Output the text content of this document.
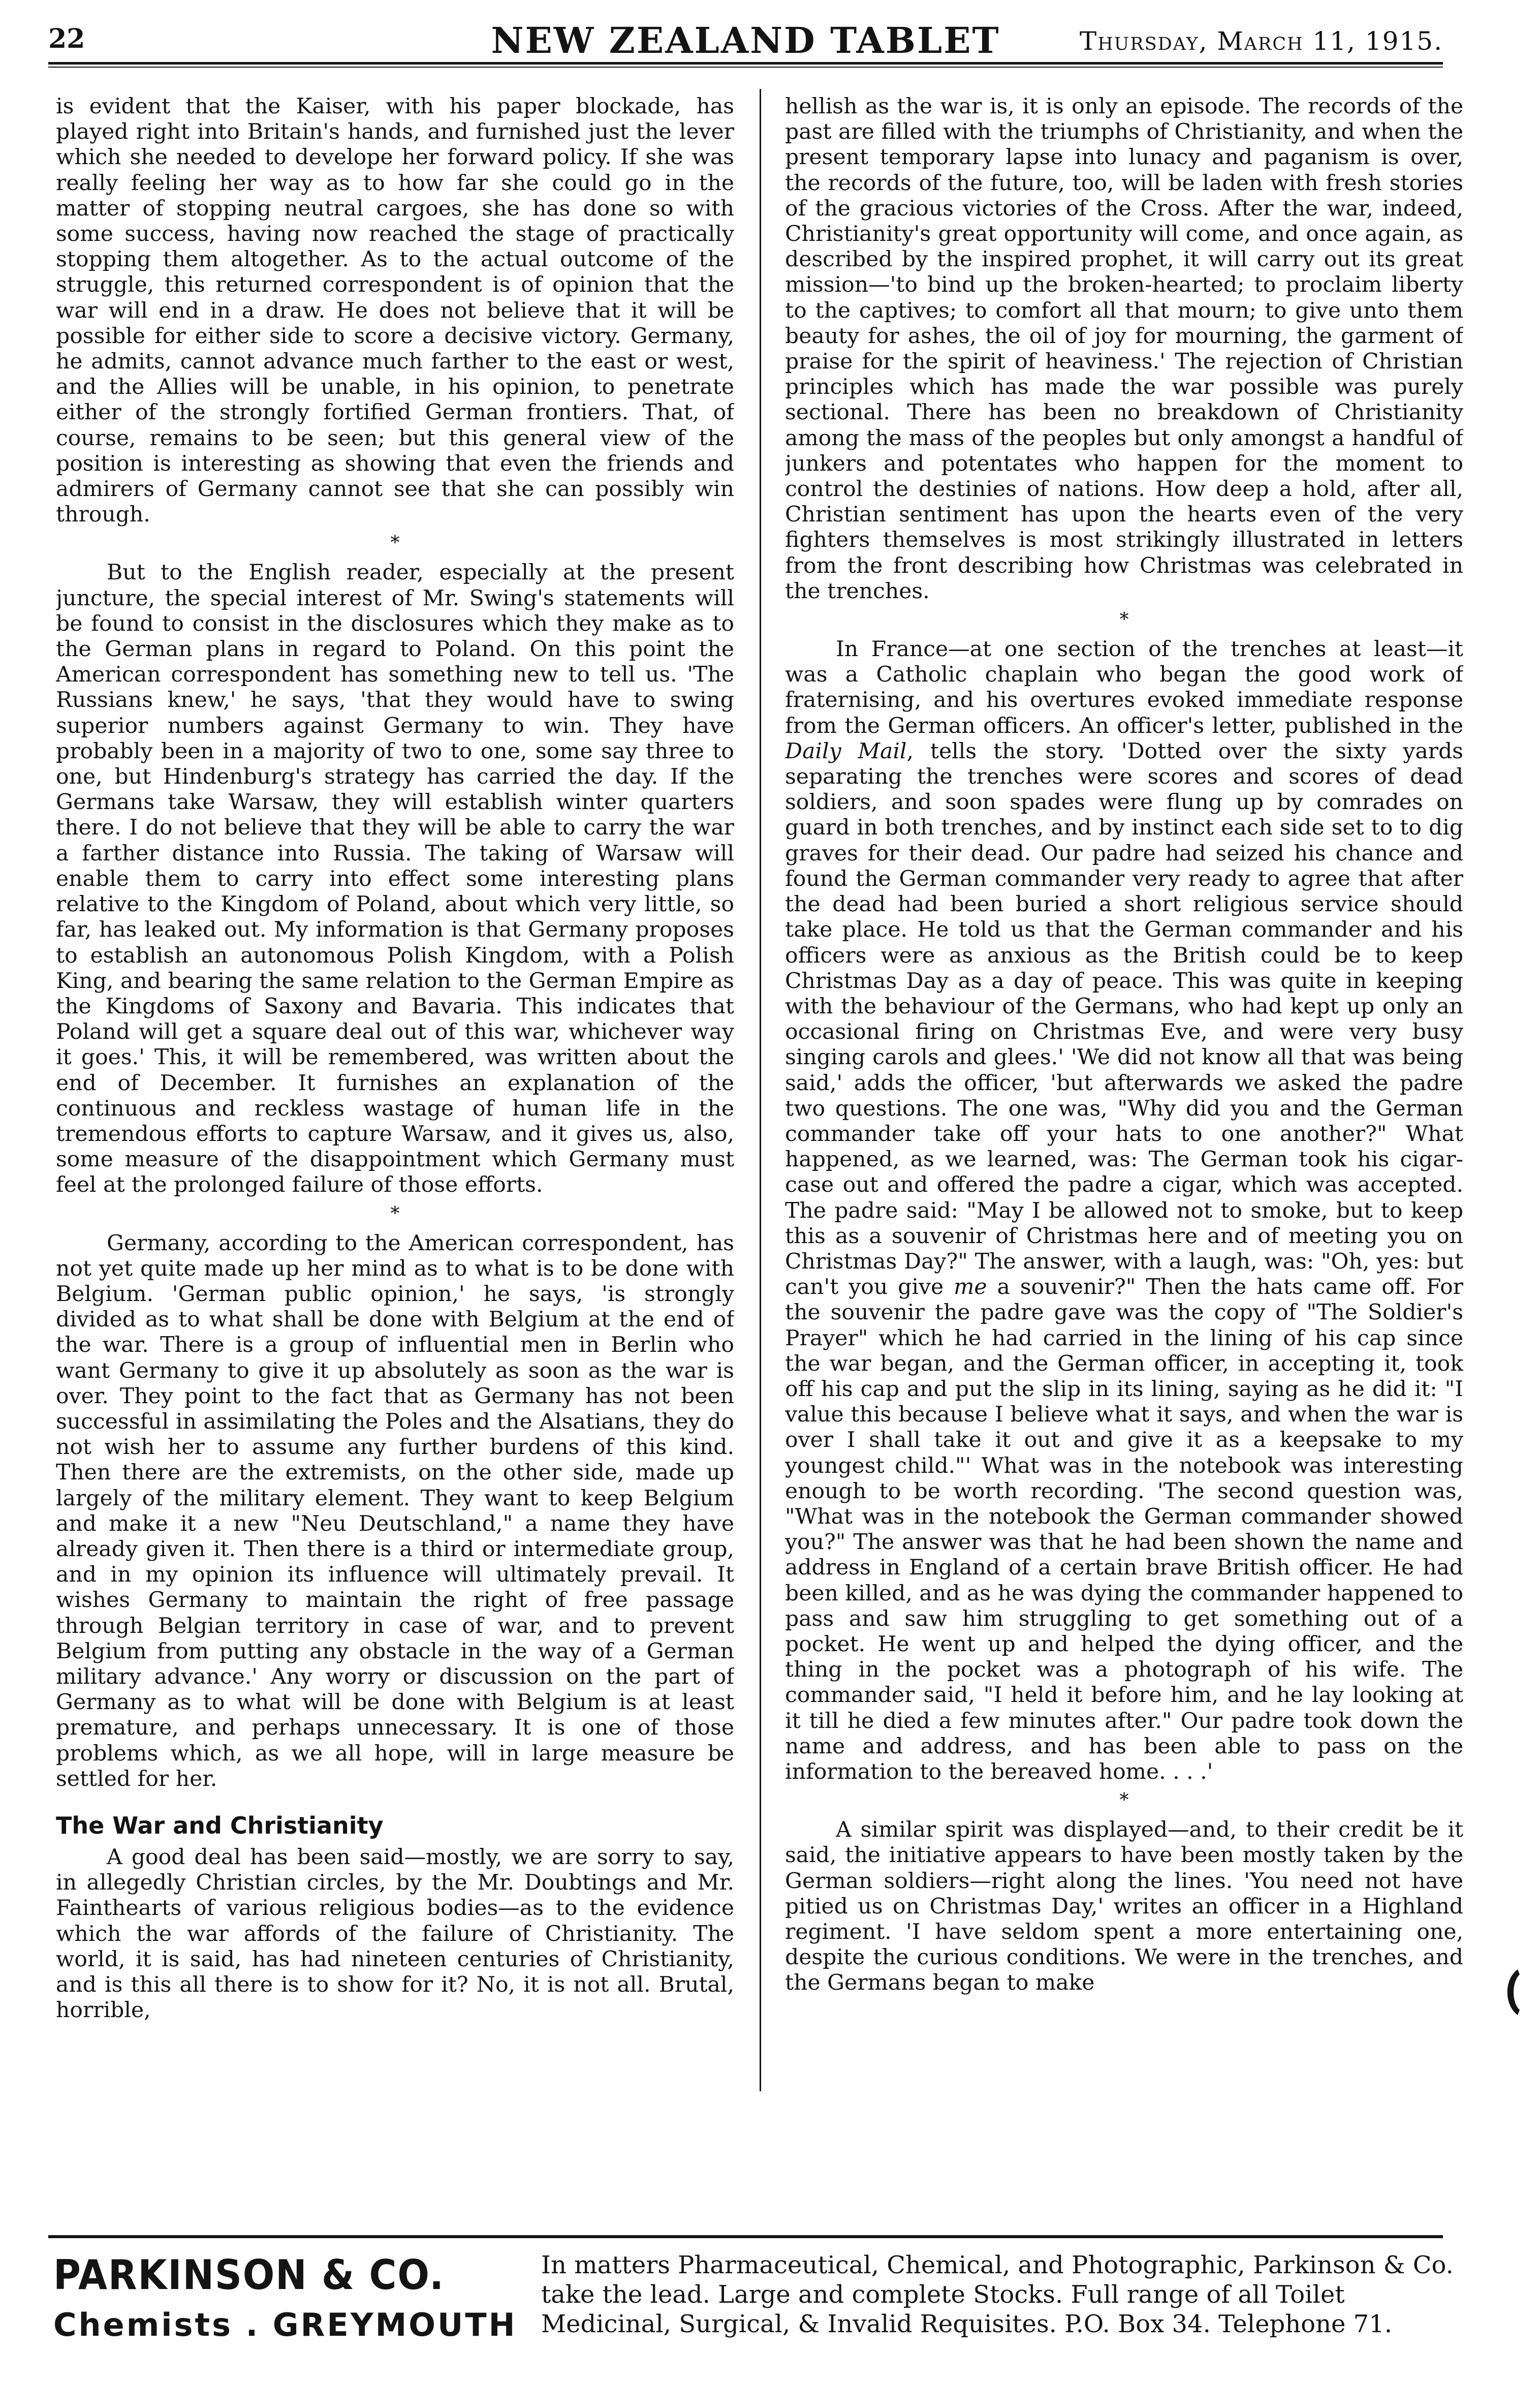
22	NEW ZEALAND TABLET	Thursday, March 11, 1915.

is evident that the Kaiser, with his paper blockade, has played right into Britain's hands, and furnished just the lever which she needed to develope her forward policy. If she was really feeling her way as to how far she could go in the matter of stopping neutral cargoes, she has done so with some success, having now reached the stage of practically stopping them altogether. As to the actual outcome of the struggle, this returned correspondent is of opinion that the war will end in a draw. He does not believe that it will be possible for either side to score a decisive victory. Germany, he admits, cannot advance much farther to the east or west, and the Allies will be unable, in his opinion, to penetrate either of the strongly fortified German frontiers. That, of course, remains to be seen; but this general view of the position is interesting as showing that even the friends and admirers of Germany cannot see that she can possibly win through.

*

But to the English reader, especially at the present juncture, the special interest of Mr. Swing's statements will be found to consist in the disclosures which they make as to the German plans in regard to Poland. On this point the American correspondent has something new to tell us. 'The Russians knew,' he says, 'that they would have to swing superior numbers against Germany to win. They have probably been in a majority of two to one, some say three to one, but Hindenburg's strategy has carried the day. If the Germans take Warsaw, they will establish winter quarters there. I do not believe that they will be able to carry the war a farther distance into Russia. The taking of Warsaw will enable them to carry into effect some interesting plans relative to the Kingdom of Poland, about which very little, so far, has leaked out. My information is that Germany proposes to establish an autonomous Polish Kingdom, with a Polish King, and bearing the same relation to the German Empire as the Kingdoms of Saxony and Bavaria. This indicates that Poland will get a square deal out of this war, whichever way it goes.' This, it will be remembered, was written about the end of December. It furnishes an explanation of the continuous and reckless wastage of human life in the tremendous efforts to capture Warsaw, and it gives us, also, some measure of the disappointment which Germany must feel at the prolonged failure of those efforts.

*

Germany, according to the American correspondent, has not yet quite made up her mind as to what is to be done with Belgium. 'German public opinion,' he says, 'is strongly divided as to what shall be done with Belgium at the end of the war. There is a group of influential men in Berlin who want Germany to give it up absolutely as soon as the war is over. They point to the fact that as Germany has not been successful in assimilating the Poles and the Alsatians, they do not wish her to assume any further burdens of this kind. Then there are the extremists, on the other side, made up largely of the military element. They want to keep Belgium and make it a new "Neu Deutschland," a name they have already given it. Then there is a third or intermediate group, and in my opinion its influence will ultimately prevail. It wishes Germany to maintain the right of free passage through Belgian territory in case of war, and to prevent Belgium from putting any obstacle in the way of a German military advance.' Any worry or discussion on the part of Germany as to what will be done with Belgium is at least premature, and perhaps unnecessary. It is one of those problems which, as we all hope, will in large measure be settled for her.

The War and Christianity

A good deal has been said—mostly, we are sorry to say, in allegedly Christian circles, by the Mr. Doubtings and Mr. Fainthearts of various religious bodies—as to the evidence which the war affords of the failure of Christianity. The world, it is said, has had nineteen centuries of Christianity, and is this all there is to show for it? No, it is not all. Brutal, horrible,

hellish as the war is, it is only an episode. The records of the past are filled with the triumphs of Christianity, and when the present temporary lapse into lunacy and paganism is over, the records of the future, too, will be laden with fresh stories of the gracious victories of the Cross. After the war, indeed, Christianity's great opportunity will come, and once again, as described by the inspired prophet, it will carry out its great mission—'to bind up the broken-hearted; to proclaim liberty to the captives; to comfort all that mourn; to give unto them beauty for ashes, the oil of joy for mourning, the garment of praise for the spirit of heaviness.' The rejection of Christian principles which has made the war possible was purely sectional. There has been no breakdown of Christianity among the mass of the peoples but only amongst a handful of junkers and potentates who happen for the moment to control the destinies of nations. How deep a hold, after all, Christian sentiment has upon the hearts even of the very fighters themselves is most strikingly illustrated in letters from the front describing how Christmas was celebrated in the trenches.

*

In France—at one section of the trenches at least—it was a Catholic chaplain who began the good work of fraternising, and his overtures evoked immediate response from the German officers. An officer's letter, published in the Daily Mail, tells the story. 'Dotted over the sixty yards separating the trenches were scores and scores of dead soldiers, and soon spades were flung up by comrades on guard in both trenches, and by instinct each side set to to dig graves for their dead. Our padre had seized his chance and found the German commander very ready to agree that after the dead had been buried a short religious service should take place. He told us that the German commander and his officers were as anxious as the British could be to keep Christmas Day as a day of peace. This was quite in keeping with the behaviour of the Germans, who had kept up only an occasional firing on Christmas Eve, and were very busy singing carols and glees.' 'We did not know all that was being said,' adds the officer, 'but afterwards we asked the padre two questions. The one was, "Why did you and the German commander take off your hats to one another?" What happened, as we learned, was: The German took his cigar-case out and offered the padre a cigar, which was accepted. The padre said: "May I be allowed not to smoke, but to keep this as a souvenir of Christmas here and of meeting you on Christmas Day?" The answer, with a laugh, was: "Oh, yes: but can't you give me a souvenir?" Then the hats came off. For the souvenir the padre gave was the copy of "The Soldier's Prayer" which he had carried in the lining of his cap since the war began, and the German officer, in accepting it, took off his cap and put the slip in its lining, saying as he did it: "I value this because I believe what it says, and when the war is over I shall take it out and give it as a keepsake to my youngest child."' What was in the notebook was interesting enough to be worth recording. 'The second question was, "What was in the notebook the German commander showed you?" The answer was that he had been shown the name and address in England of a certain brave British officer. He had been killed, and as he was dying the commander happened to pass and saw him struggling to get something out of a pocket. He went up and helped the dying officer, and the thing in the pocket was a photograph of his wife. The commander said, "I held it before him, and he lay looking at it till he died a few minutes after." Our padre took down the name and address, and has been able to pass on the information to the bereaved home. . . .'

*

A similar spirit was displayed—and, to their credit be it said, the initiative appears to have been mostly taken by the German soldiers—right along the lines. 'You need not have pitied us on Christmas Day,' writes an officer in a Highland regiment. 'I have seldom spent a more entertaining one, despite the curious conditions. We were in the trenches, and the Germans began to make

PARKINSON & CO.
Chemists . GREYMOUTH
In matters Pharmaceutical, Chemical, and Photographic, Parkinson & Co.
take the lead. Large and complete Stocks. Full range of all Toilet
Medicinal, Surgical, & Invalid Requisites. P.O. Box 34. Telephone 71.
